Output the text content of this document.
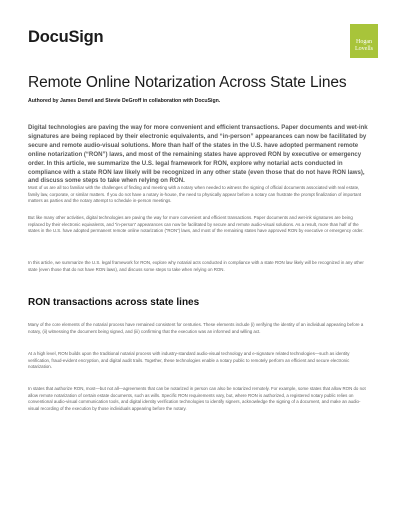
DocuSign	Hogan
Lovells
Remote Online Notarization Across State Lines
Authored by James Denvil and Stevie DeGroff in collaboration with DocuSign.

Digital technologies are paving the way for more convenient and efficient transactions. Paper documents and wet-ink signatures are being replaced by their electronic equivalents, and “in-person” appearances can now be facilitated by secure and remote audio-visual solutions. More than half of the states in the U.S. have adopted permanent remote online notarization (“RON”) laws, and most of the remaining states have approved RON by executive or emergency order. In this article, we summarize the U.S. legal framework for RON, explore why notarial acts conducted in compliance with a state RON law likely will be recognized in any other state (even those that do not have RON laws), and discuss some steps to take when relying on RON.

Most of us are all too familiar with the challenges of finding and meeting with a notary when needed to witness the signing of official documents associated with real estate, family law, corporate, or similar matters. If you do not have a notary in-house, the need to physically appear before a notary can frustrate the prompt finalization of important matters as parties and the notary attempt to schedule in-person meetings.

But like many other activities, digital technologies are paving the way for more convenient and efficient transactions. Paper documents and wet-ink signatures are being replaced by their electronic equivalents, and “in-person” appearances can now be facilitated by secure and remote audio-visual solutions. As a result, more than half of the states in the U.S. have adopted permanent remote online notarization (“RON”) laws, and most of the remaining states have approved RON by executive or emergency order.

In this article, we summarize the U.S. legal framework for RON, explore why notarial acts conducted in compliance with a state RON law likely will be recognized in any other state (even those that do not have RON laws), and discuss some steps to take when relying on RON.

RON transactions across state lines

Many of the core elements of the notarial process have remained consistent for centuries. These elements include (i) verifying the identity of an individual appearing before a notary, (ii) witnessing the document being signed, and (iii) confirming that the execution was an informed and willing act.

At a high level, RON builds upon the traditional notarial process with industry-standard audio-visual technology and e-signature related technologies—such as identity verification, fraud-evident encryption, and digital audit trails. Together, these technologies enable a notary public to remotely perform an efficient and secure electronic notarization.

In states that authorize RON, most—but not all—agreements that can be notarized in person can also be notarized remotely. For example, some states that allow RON do not allow remote notarization of certain estate documents, such as wills. Specific RON requirements vary, but, where RON is authorized, a registered notary public relies on conventional audio-visual communication tools, and digital identity verification technologies to identify signers, acknowledge the signing of a document, and make an audio-visual recording of the execution by those individuals appearing before the notary.
